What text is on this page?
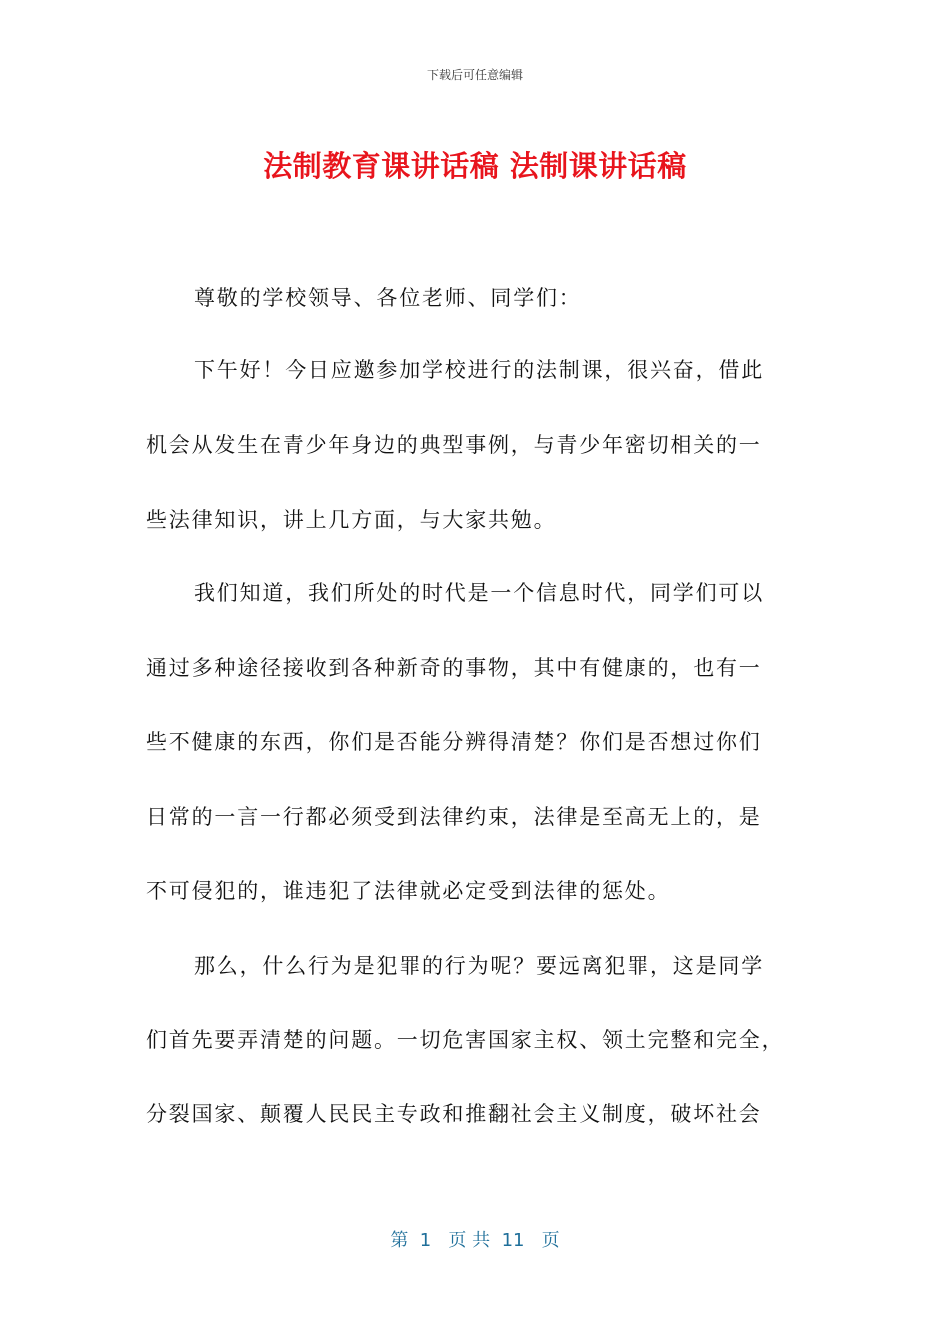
下载后可任意编辑
法制教育课讲话稿 法制课讲话稿
尊敬的学校领导、各位老师、同学们：
下午好！今日应邀参加学校进行的法制课，很兴奋，借此
机会从发生在青少年身边的典型事例，与青少年密切相关的一
些法律知识，讲上几方面，与大家共勉。
我们知道，我们所处的时代是一个信息时代，同学们可以
通过多种途径接收到各种新奇的事物，其中有健康的，也有一
些不健康的东西，你们是否能分辨得清楚？你们是否想过你们
日常的一言一行都必须受到法律约束，法律是至高无上的，是
不可侵犯的，谁违犯了法律就必定受到法律的惩处。
那么，什么行为是犯罪的行为呢？要远离犯罪，这是同学
们首先要弄清楚的问题。一切危害国家主权、领土完整和完全，
分裂国家、颠覆人民民主专政和推翻社会主义制度，破坏社会
第  1   页 共  11   页
